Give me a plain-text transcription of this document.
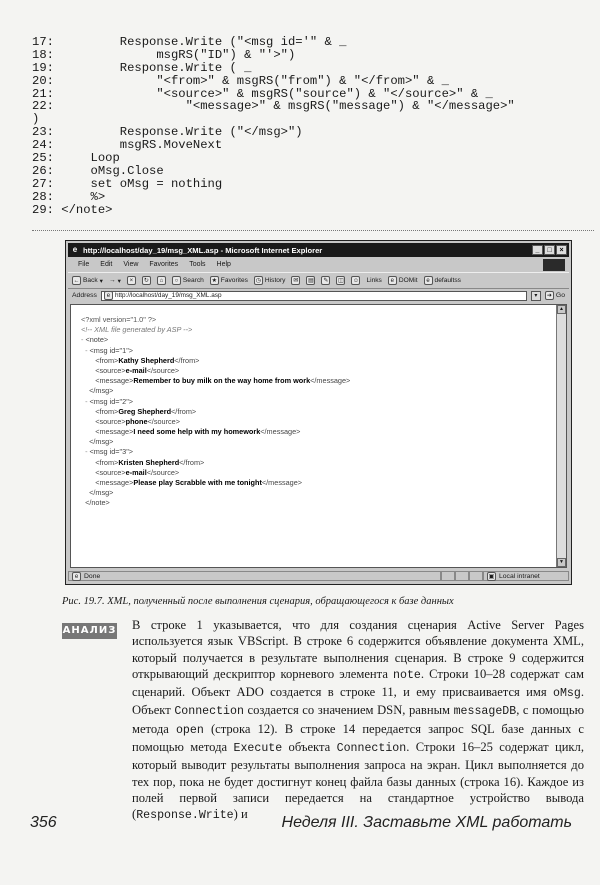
17:         Response.Write ("<msg id='" & _
18:              msgRS("ID") & "'>")
19:         Response.Write ( _
20:              "<from>" & msgRS("from") & "</from>" & _
21:              "<source>" & msgRS("source") & "</source>" & _
22:                  "<message>" & msgRS("message") & "</message>"
)
23:         Response.Write ("</msg>")
24:         msgRS.MoveNext
25:     Loop
26:     oMsg.Close
27:     set oMsg = nothing
28:     %>
29: </note>
e http://localhost/day_19/msg_XML.asp - Microsoft Internet Explorer	_	□	×
File Edit View Favorites Tools Help
← Back ▾ → ▾	×	↻	⌂	○ Search ★ Favorites	◷ History	✉	▤	✎	◫ ☺ Links	e DOMit	e defaultss
Address	e http://localhost/day_19/msg_XML.asp	▾	➜ Go
<?xml version="1.0" ?>
<!-- XML file generated by ASP -->
- <note>
- <msg id="1">
<from>Kathy Shepherd</from>
<source>e-mail</source>
<message>Remember to buy milk on the way home from work</message>
</msg>
- <msg id="2">
<from>Greg Shepherd</from>
<source>phone</source>
<message>I need some help with my homework</message>
</msg>
- <msg id="3">
<from>Kristen Shepherd</from>
<source>e-mail</source>
<message>Please play Scrabble with me tonight</message>
</msg>
</note>
▲
▼
e Done	▣ Local intranet
Рис. 19.7. XML, полученный после выполнения сценария, обращающегося к базе данных
АНАЛИЗ В строке 1 указывается, что для создания сценария Active Server Pages используется язык VBScript. В строке 6 содержится объявление документа XML, который получается в результате выполнения сценария. В строке 9 содержится открывающий дескриптор корневого элемента note. Строки 10–28 содержат сам сценарий. Объект ADO создается в строке 11, и ему присваивается имя oMsg. Объект Connection создается со значением DSN, равным messageDB, с помощью метода open (строка 12). В строке 14 передается запрос SQL базе данных с помощью метода Execute объекта Connection. Строки 16–25 содержат цикл, который выводит результаты выполнения запроса на экран. Цикл выполняется до тех пор, пока не будет достигнут конец файла базы данных (строка 16). Каждое из полей первой записи передается на стандартное устройство вывода (Response.Write) и
356	Неделя III. Заставьте XML работать
